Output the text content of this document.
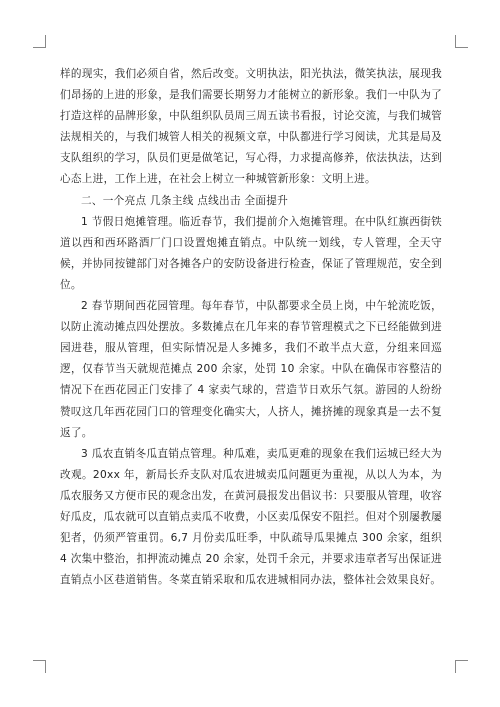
样的现实，我们必须自省，然后改变。文明执法，阳光执法，微笑执法，展现我们昂扬的上进的形象，是我们需要长期努力才能树立的新形象。我们一中队为了打造这样的品牌形象，中队组织队员周三周五读书看报，讨论交流，与我们城管法规相关的，与我们城管人相关的视频文章，中队都进行学习阅读，尤其是局及支队组织的学习，队员们更是做笔记，写心得，力求提高修养，依法执法，达到心态上进，工作上进，在社会上树立一种城管新形象：文明上进。

二、一个亮点 几条主线 点线出击 全面提升

1 节假日炮摊管理。临近春节，我们提前介入炮摊管理。在中队红旗西街铁道以西和西环路酒厂门口设置炮摊直销点。中队统一划线，专人管理，全天守候，并协同按键部门对各摊各户的安防设备进行检查，保证了管理规范，安全到位。

2 春节期间西花园管理。每年春节，中队都要求全员上岗，中午轮流吃饭，以防止流动摊点四处摆放。多数摊点在几年来的春节管理模式之下已经能做到进园进巷，服从管理，但实际情况是人多摊多，我们不敢半点大意，分组来回巡逻，仅春节当天就规范摊点 200 余家，处罚 10 余家。中队在确保市容整洁的情况下在西花园正门安排了 4 家卖气球的，营造节日欢乐气氛。游园的人纷纷赞叹这几年西花园门口的管理变化确实大，人挤人，摊挤摊的现象真是一去不复返了。

3 瓜农直销冬瓜直销点管理。种瓜难，卖瓜更难的现象在我们运城已经大为改观。20xx 年，新局长乔支队对瓜农进城卖瓜问题更为重视，从以人为本，为瓜农服务又方便市民的观念出发，在黄河晨报发出倡议书：只要服从管理，收容好瓜皮，瓜农就可以直销点卖瓜不收费，小区卖瓜保安不阻拦。但对个别屡教屡犯者，仍须严管重罚。6,7 月份卖瓜旺季，中队疏导瓜果摊点 300 余家，组织 4 次集中整治，扣押流动摊点 20 余家，处罚千余元，并要求违章者写出保证进直销点小区巷道销售。冬菜直销采取和瓜农进城相同办法，整体社会效果良好。
